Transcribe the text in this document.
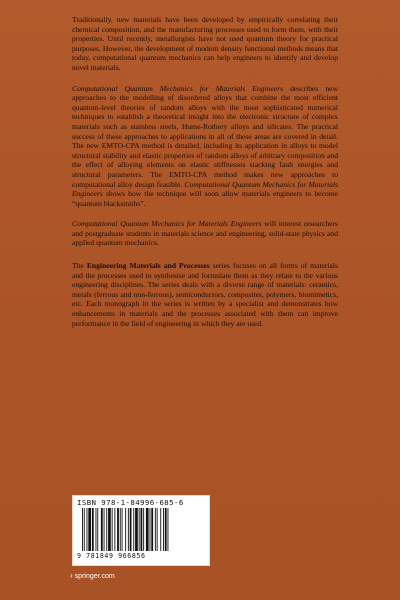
Traditionally, new materials have been developed by empirically correlating their chemical composition, and the manufacturing processes used to form them, with their properties. Until recently, metallurgists have not used quantum theory for practical purposes. However, the development of modern density functional methods means that today, computational quantum mechanics can help engineers to identify and develop novel materials.

Computational Quantum Mechanics for Materials Engineers describes new approaches to the modelling of disordered alloys that combine the most efficient quantum-level theories of random alloys with the most sophisticated numerical techniques to establish a theoretical insight into the electronic structure of complex materials such as stainless steels, Hume-Rothery alloys and silicates. The practical success of these approaches to applications in all of these areas are covered in detail. The new EMTO-CPA method is detailed, including its application in alloys to model structural stability and elastic properties of random alloys of arbitrary composition and the effect of alloying elements on elastic stiffnesses stacking fault energies and structural parameters. The EMTO-CPA method makes new approaches to computational alloy design feasible. Computational Quantum Mechanics for Materials Engineers shows how the technique will soon allow materials engineers to become “quantum blacksmiths”.

Computational Quantum Mechanics for Materials Engineers will interest researchers and postgraduate students in materials science and engineering, solid-state physics and applied quantum mechanics.

The Engineering Materials and Processes series focuses on all forms of materials and the processes used to synthesise and formulate them as they relate to the various engineering disciplines. The series deals with a diverse range of materials: ceramics, metals (ferrous and non-ferrous), semiconductors, composites, polymers, biomimetics, etc. Each monograph in the series is written by a specialist and demonstrates how enhancements in materials and the processes associated with them can improve performance in the field of engineering in which they are used.

ISBN 978-1-84996-685-6
9 781849 966856
› springer.com
